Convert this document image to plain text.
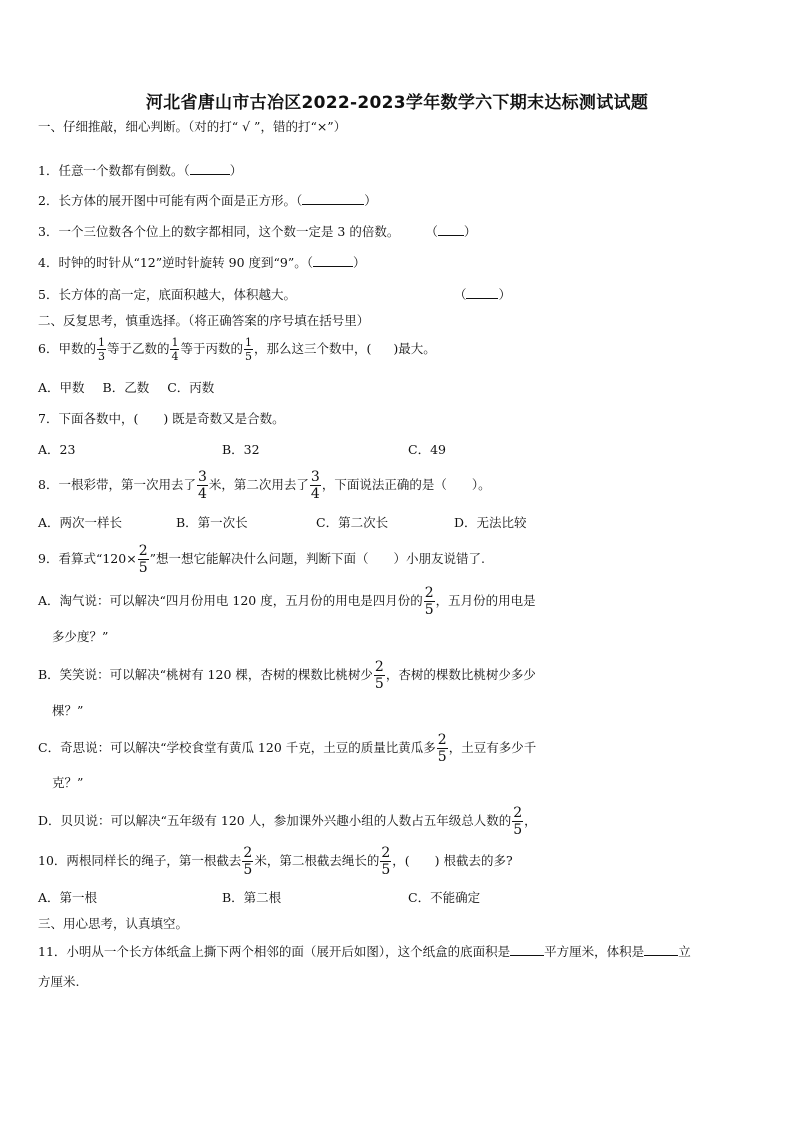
河北省唐山市古冶区2022-2023学年数学六下期末达标测试试题
一、仔细推敲，细心判断。（对的打“ √ ”，错的打“×”）
1．任意一个数都有倒数。（	）
2．长方体的展开图中可能有两个面是正方形。（	）
3．一个三位数各个位上的数字都相同，这个数一定是 3 的倍数。 （ ）
4．时钟的时针从“12”逆时针旋转 90 度到“9”。（	）
5．长方体的高一定，底面积越大，体积越大。	（	）
二、反复思考，慎重选择。（将正确答案的序号填在括号里）
6．甲数的 $\frac{1}{3}$ 等于乙数的 $\frac{1}{4}$ 等于丙数的 $\frac{1}{5}$ ，那么这三个数中，( )最大。
A．甲数 B．乙数 C．丙数
7．下面各数中，(　　) 既是奇数又是合数。
A．23	B．32	C．49
8．一根彩带，第一次用去了 $\frac{3}{4}$ 米，第二次用去了 $\frac{3}{4}$ ，下面说法正确的是（　　）。
A．两次一样长	B．第一次长	C．第二次长	D．无法比较
9．看算式“$120\times \frac{2}{5}$ ”想一想它能解决什么问题，判断下面（　　）小朋友说错了.
A．淘气说：可以解决“四月份用电 120 度，五月份的用电是四月份的 $\frac{2}{5}$ ，五月份的用电是
多少度？”
B．笑笑说：可以解决“桃树有 120 棵，杏树的棵数比桃树少 $\frac{2}{5}$ ，杏树的棵数比桃树少多少
棵？”
C．奇思说：可以解决“学校食堂有黄瓜 120 千克，土豆的质量比黄瓜多 $\frac{2}{5}$ ，土豆有多少千
克？”
D．贝贝说：可以解决“五年级有 120 人，参加课外兴趣小组的人数占五年级总人数的 $\frac{2}{5}$ ，
10．两根同样长的绳子，第一根截去 $\frac{2}{5}$ 米，第二根截去绳长的 $\frac{2}{5}$ ，(　　) 根截去的多?
A．第一根	B．第二根	C．不能确定
三、用心思考，认真填空。
11．小明从一个长方体纸盒上撕下两个相邻的面（展开后如图），这个纸盒的底面积是	平方厘米，体积是	立
方厘米.
